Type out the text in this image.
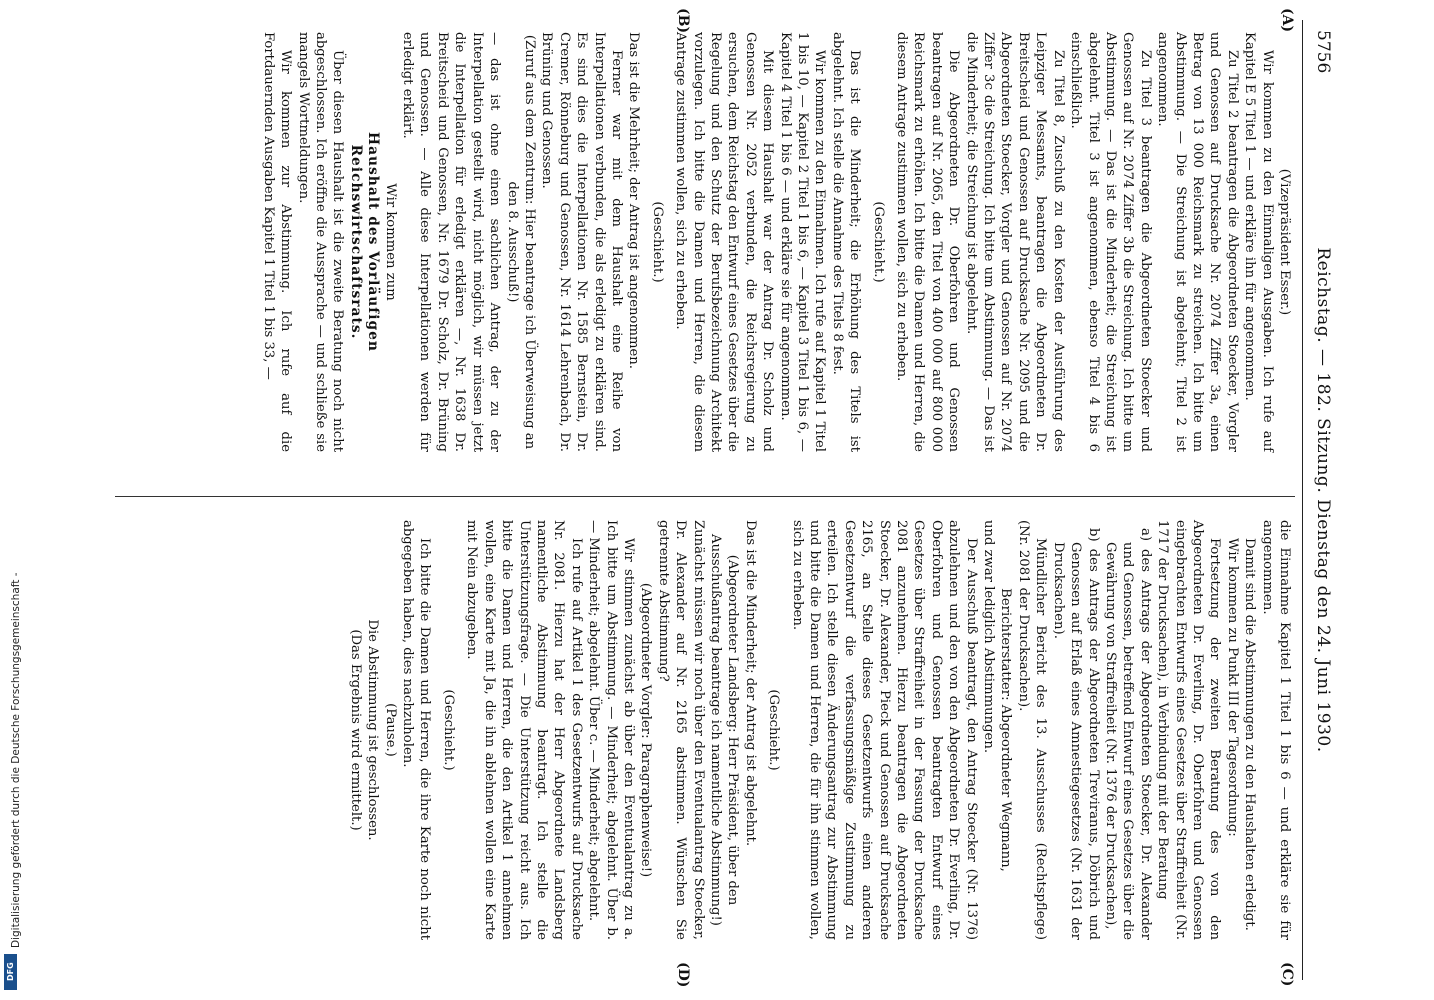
5756
Reichstag. — 182. Sitzung. Dienstag den 24. Juni 1930.
(A)
(B)
(C)
(D)

(Vizepräsident Esser.)

Wir kommen zu den Einmaligen Ausgaben. Ich rufe auf Kapitel E 5 Titel 1 — und erkläre ihn für angenommen.

Zu Titel 2 beantragen die Abgeordneten Stoecker, Vorgler und Genossen auf Drucksache Nr. 2074 Ziffer 3a, einen Betrag von 13 000 Reichsmark zu streichen. Ich bitte um Abstimmung. — Die Streichung ist abgelehnt; Titel 2 ist angenommen.

Zu Titel 3 beantragen die Abgeordneten Stoecker und Genossen auf Nr. 2074 Ziffer 3b die Streichung. Ich bitte um Abstimmung. — Das ist die Minderheit; die Streichung ist abgelehnt. Titel 3 ist angenommen, ebenso Titel 4 bis 6 einschließlich.

Zu Titel 8, Zuschuß zu den Kosten der Ausführung des Leipziger Messamts, beantragen die Abgeordneten Dr. Breitscheid und Genossen auf Drucksache Nr. 2095 und die Abgeordneten Stoecker, Vorgler und Genossen auf Nr. 2074 Ziffer 3c die Streichung. Ich bitte um Abstimmung. — Das ist die Minderheit; die Streichung ist abgelehnt.

Die Abgeordneten Dr. Oberfohren und Genossen beantragen auf Nr. 2065, den Titel von 400 000 auf 800 000 Reichsmark zu erhöhen. Ich bitte die Damen und Herren, die diesem Antrage zustimmen wollen, sich zu erheben.

(Geschieht.)

Das ist die Minderheit; die Erhöhung des Titels ist abgelehnt. Ich stelle die Annahme des Titels 8 fest.

Wir kommen zu den Einnahmen. Ich rufe auf Kapitel 1 Titel 1 bis 10, — Kapitel 2 Titel 1 bis 6, — Kapitel 3 Titel 1 bis 6, — Kapitel 4 Titel 1 bis 6 — und erkläre sie für angenommen.

Mit diesem Haushalt war der Antrag Dr. Scholz und Genossen Nr. 2052 verbunden, die Reichsregierung zu ersuchen, dem Reichstag den Entwurf eines Gesetzes über die Regelung und den Schutz der Berufsbezeichnung Architekt vorzulegen. Ich bitte die Damen und Herren, die diesem Antrage zustimmen wollen, sich zu erheben.

(Geschieht.)

Das ist die Mehrheit; der Antrag ist angenommen.

Ferner war mit dem Haushalt eine Reihe von Interpellationen verbunden, die als erledigt zu erklären sind. Es sind dies die Interpellationen Nr. 1585 Bernstein, Dr. Cremer, Rönneburg und Genossen, Nr. 1614 Lehrenbach, Dr. Brüning und Genossen.

(Zuruf aus dem Zentrum: Hier beantrage ich Überweisung an den 8. Ausschuß!)

— das ist ohne einen sachlichen Antrag, der zu der Interpellation gestellt wird, nicht möglich, wir müssen jetzt die Interpellation für erledigt erklären —, Nr. 1638 Dr. Breitscheid und Genossen, Nr. 1679 Dr. Scholz, Dr. Brüning und Genossen. — Alle diese Interpellationen werden für erledigt erklärt.

Wir kommen zum

Haushalt des Vorläufigen Reichswirtschaftsrats.

Über diesen Haushalt ist die zweite Beratung noch nicht abgeschlossen. Ich eröffne die Aussprache — und schließe sie mangels Wortmeldungen.

Wir kommen zur Abstimmung. Ich rufe auf die Fortdauernden Ausgaben Kapitel 1 Titel 1 bis 33, —

die Einnahme Kapitel 1 Titel 1 bis 6 — und erkläre sie für angenommen.

Damit sind die Abstimmungen zu den Haushalten erledigt.

Wir kommen zu Punkt III der Tagesordnung:

Fortsetzung der zweiten Beratung des von den Abgeordneten Dr. Everling, Dr. Oberfohren und Genossen eingebrachten Entwurfs eines Gesetzes über Straffreiheit (Nr. 1717 der Drucksachen), in Verbindung mit der Beratung

a) des Antrags der Abgeordneten Stoecker, Dr. Alexander und Genossen, betreffend Entwurf eines Gesetzes über die Gewährung von Straffreiheit (Nr. 1376 der Drucksachen),

b) des Antrags der Abgeordneten Treviranus, Döbrich und Genossen auf Erlaß eines Amnestiegesetzes (Nr. 1631 der Drucksachen).

Mündlicher Bericht des 13. Ausschusses (Rechtspflege) (Nr. 2081 der Drucksachen).

Berichterstatter: Abgeordneter Wegmann,

und zwar lediglich Abstimmungen.

Der Ausschuß beantragt, den Antrag Stoecker (Nr. 1376) abzulehnen und den von den Abgeordneten Dr. Everling, Dr. Oberfohren und Genossen beantragten Entwurf eines Gesetzes über Straffreiheit in der Fassung der Drucksache 2081 anzunehmen. Hierzu beantragen die Abgeordneten Stoecker, Dr. Alexander, Pieck und Genossen auf Drucksache 2165, an Stelle dieses Gesetzentwurfs einen anderen Gesetzentwurf die verfassungsmäßige Zustimmung zu erteilen. Ich stelle diesen Änderungsantrag zur Abstimmung und bitte die Damen und Herren, die für ihn stimmen wollen, sich zu erheben.

(Geschieht.)

Das ist die Minderheit; der Antrag ist abgelehnt.

(Abgeordneter Landsberg: Herr Präsident, über den Ausschußantrag beantrage ich namentliche Abstimmung!)

Zunächst müssen wir noch über den Eventualantrag Stoecker, Dr. Alexander auf Nr. 2165 abstimmen. Wünschen Sie getrennte Abstimmung?

(Abgeordneter Vorgler: Paragraphenweise!)

Wir stimmen zunächst ab über den Eventualantrag zu a. Ich bitte um Abstimmung. — Minderheit; abgelehnt. Über b. — Minderheit; abgelehnt. Über c. — Minderheit; abgelehnt.

Ich rufe auf Artikel 1 des Gesetzentwurfs auf Drucksache Nr. 2081. Hierzu hat der Herr Abgeordnete Landsberg namentliche Abstimmung beantragt. Ich stelle die Unterstützungsfrage. — Die Unterstützung reicht aus. Ich bitte die Damen und Herren, die den Artikel 1 annehmen wollen, eine Karte mit Ja, die ihn ablehnen wollen eine Karte mit Nein abzugeben.

(Geschieht.)

Ich bitte die Damen und Herren, die ihre Karte noch nicht abgegeben haben, dies nachzuholen.

(Pause.)

Die Abstimmung ist geschlossen.

(Das Ergebnis wird ermittelt.)

Digitalisierung gefördert durch die Deutsche Forschungsgemeinschaft -
DFG
